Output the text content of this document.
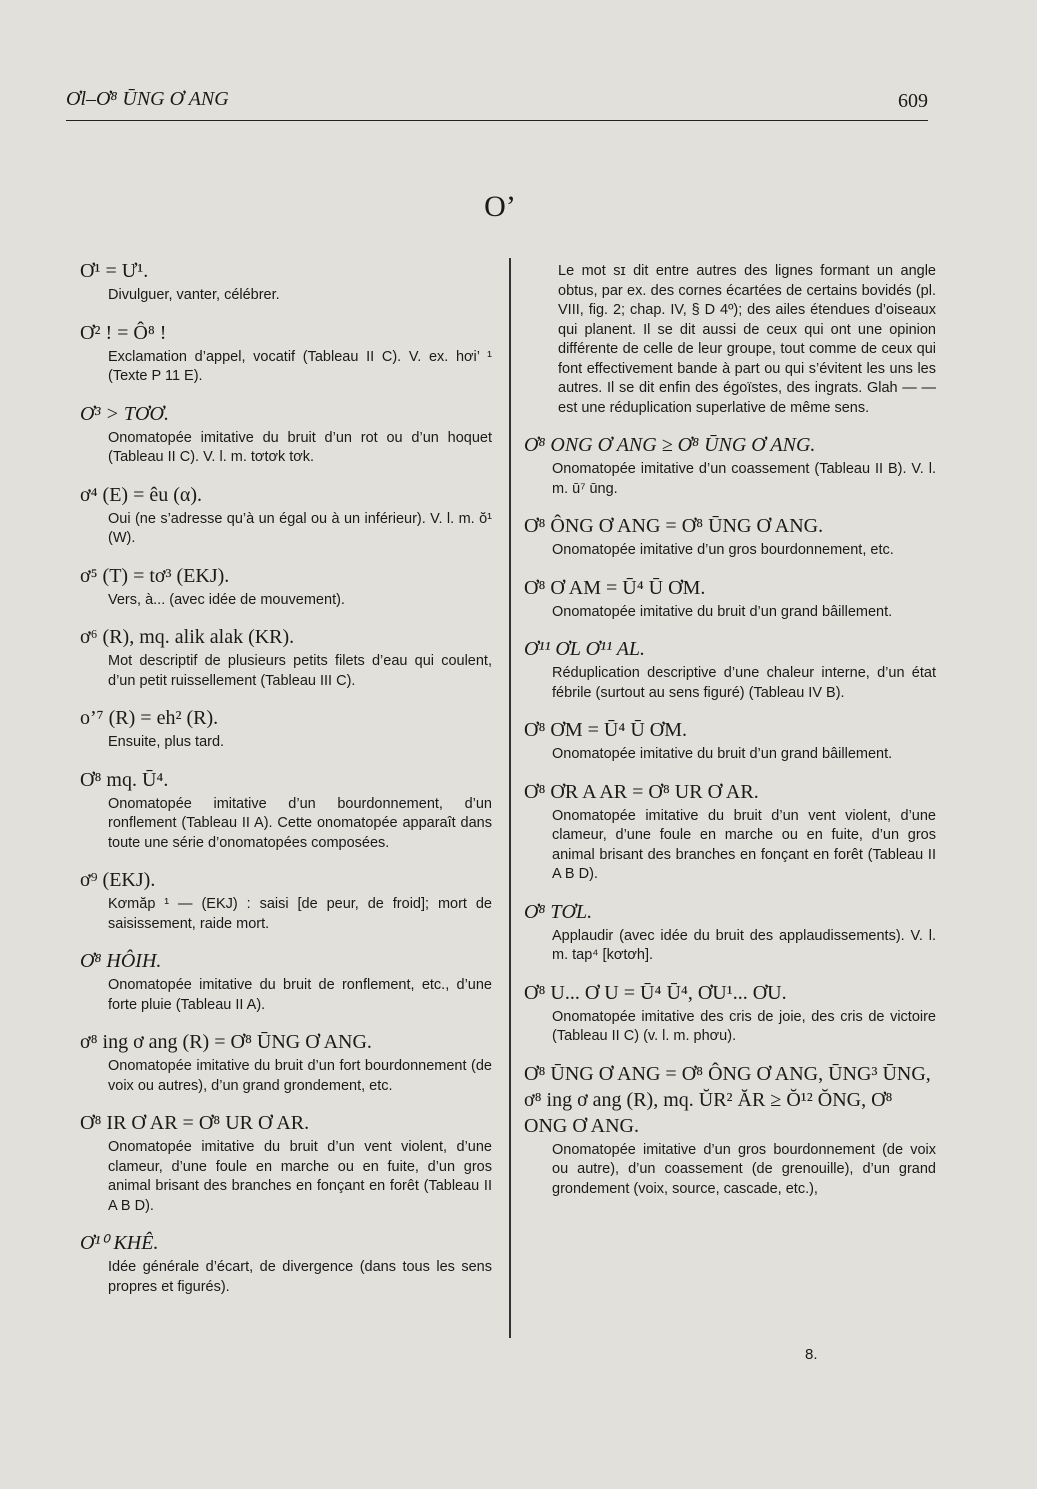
ƠƖ–Ơ⁸ ŪNG Ơ ANG	609
O’
Ơ¹ = Ư¹.
Divulguer, vanter, célébrer.
Ơ² ! = Ô⁸ !
Exclamation d’appel, vocatif (Tableau II C). V. ex. hơi’ ¹ (Texte P 11 E).
Ơ³ > TƠƠ.
Onomatopée imitative du bruit d’un rot ou d’un hoquet (Tableau II C). V. l. m. tơtơk tơk.
ơ⁴ (E) = êu (α).
Oui (ne s’adresse qu’à un égal ou à un inférieur). V. l. m. ŏ¹ (W).
ơ⁵ (T) = tơ³ (EKJ).
Vers, à... (avec idée de mouvement).
ơ⁶ (R), mq. alik alak (KR).
Mot descriptif de plusieurs petits filets d’eau qui coulent, d’un petit ruissellement (Tableau III C).
o’⁷ (R) = eh² (R).
Ensuite, plus tard.
Ơ⁸ mq. Ū⁴.
Onomatopée imitative d’un bourdonnement, d’un ronflement (Tableau II A). Cette onomatopée apparaît dans toute une série d’onomatopées composées.
ơ⁹ (EKJ).
Kơmăp ¹ — (EKJ) : saisi [de peur, de froid]; mort de saisissement, raide mort.
Ơ⁸ HÔIH.
Onomatopée imitative du bruit de ronflement, etc., d’une forte pluie (Tableau II A).
ơ⁸ ing ơ ang (R) = Ơ⁸ ŪNG Ơ ANG.
Onomatopée imitative du bruit d’un fort bourdonnement (de voix ou autres), d’un grand grondement, etc.
Ơ⁸ IR Ơ AR = Ơ⁸ UR Ơ AR.
Onomatopée imitative du bruit d’un vent violent, d’une clameur, d’une foule en marche ou en fuite, d’un gros animal brisant des branches en fonçant en forêt (Tableau II A B D).
Ơ¹⁰ KHÊ.
Idée générale d’écart, de divergence (dans tous les sens propres et figurés).
Le mot sɪ dit entre autres des lignes formant un angle obtus, par ex. des cornes écartées de certains bovidés (pl. VIII, fig. 2; chap. IV, § D 4º); des ailes étendues d’oiseaux qui planent. Il se dit aussi de ceux qui ont une opinion différente de celle de leur groupe, tout comme de ceux qui font effectivement bande à part ou qui s’évitent les uns les autres. Il se dit enfin des égoïstes, des ingrats. Glah — — est une réduplication superlative de même sens.
Ơ⁸ ONG Ơ ANG ≥ Ơ⁸ ŪNG Ơ ANG.
Onomatopée imitative d’un coassement (Tableau II B). V. l. m. ū⁷ ūng.
Ơ⁸ ÔNG Ơ ANG = Ơ⁸ ŪNG Ơ ANG.
Onomatopée imitative d’un gros bourdonnement, etc.
Ơ⁸ Ơ AM = Ū⁴ Ū ƠM.
Onomatopée imitative du bruit d’un grand bâillement.
Ơ¹¹ ƠL Ơ¹¹ AL.
Réduplication descriptive d’une chaleur interne, d’un état fébrile (surtout au sens figuré) (Tableau IV B).
Ơ⁸ ƠM = Ū⁴ Ū ƠM.
Onomatopée imitative du bruit d’un grand bâillement.
Ơ⁸ ƠR A AR = Ơ⁸ UR Ơ AR.
Onomatopée imitative du bruit d’un vent violent, d’une clameur, d’une foule en marche ou en fuite, d’un gros animal brisant des branches en fonçant en forêt (Tableau II A B D).
Ơ⁸ TƠL.
Applaudir (avec idée du bruit des applaudissements). V. l. m. tap⁴ [kơtơh].
Ơ⁸ U... Ơ U = Ū⁴ Ū⁴, ƠU¹... ƠU.
Onomatopée imitative des cris de joie, des cris de victoire (Tableau II C) (v. l. m. phơu).
Ơ⁸ ŪNG Ơ ANG = Ơ⁸ ÔNG Ơ ANG, ŪNG³ ŪNG, ơ⁸ ing ơ ang (R), mq. ŬR² ĂR ≥ Ŏ¹² ŎNG, Ơ⁸ ONG Ơ ANG.
Onomatopée imitative d’un gros bourdonnement (de voix ou autre), d’un coassement (de grenouille), d’un grand grondement (voix, source, cascade, etc.),
8.
